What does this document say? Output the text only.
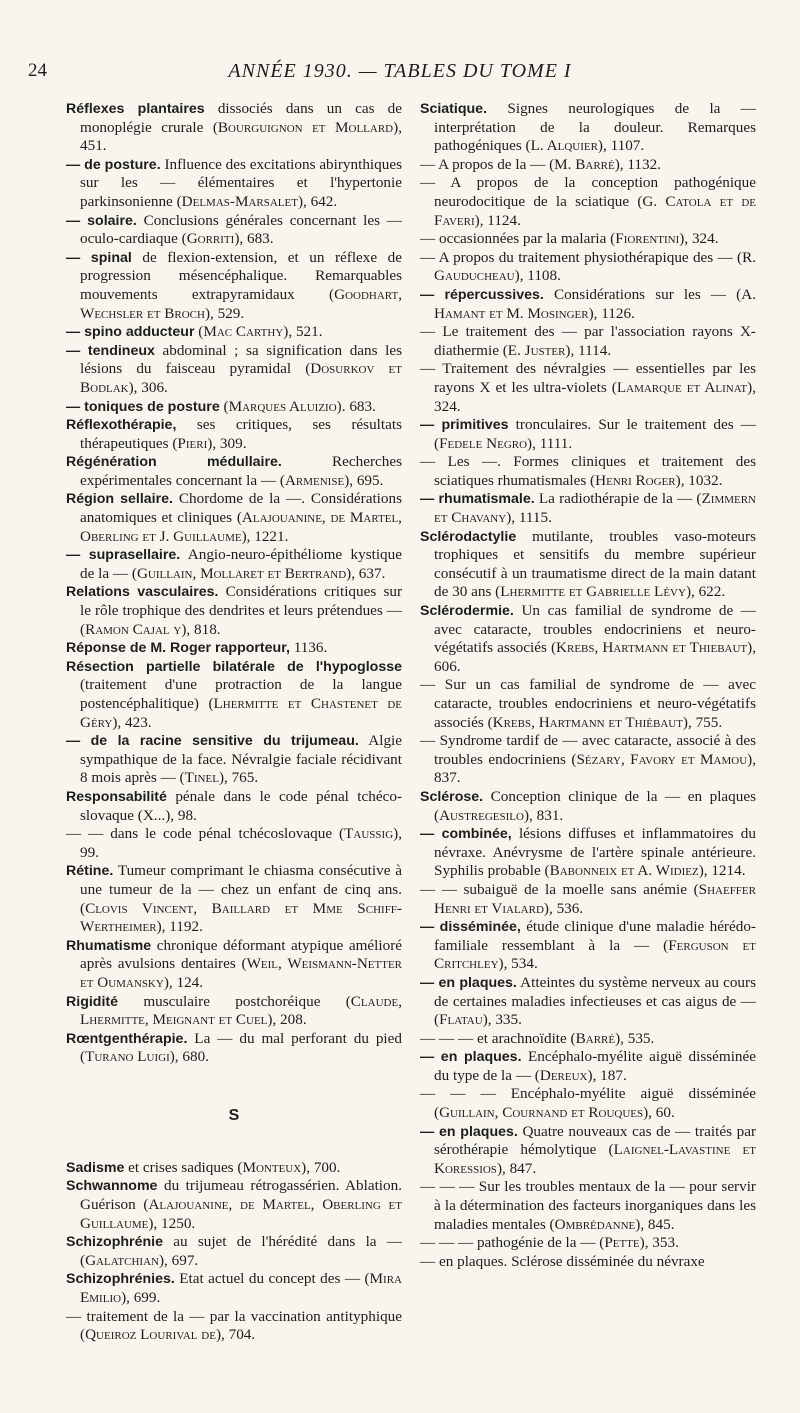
24	ANNÉE 1930. — TABLES DU TOME I

Réflexes plantaires dissociés dans un cas de monoplégie crurale (Bourguignon et Mollard), 451.

— de posture. Influence des excitations abirynthiques sur les — élémentaires et l'hypertonie parkinsonienne (Delmas-Marsalet), 642.

— solaire. Conclusions générales concernant les — oculo-cardiaque (Gorriti), 683.

— spinal de flexion-extension, et un réflexe de progression mésencéphalique. Remarquables mouvements extrapyramidaux (Goodhart, Wechsler et Broch), 529.

— spino adducteur (Mac Carthy), 521.

— tendineux abdominal ; sa signification dans les lésions du faisceau pyramidal (Dosurkov et Bodlak), 306.

— toniques de posture (Marques Aluizio). 683.

Réflexothérapie, ses critiques, ses résultats thérapeutiques (Pieri), 309.

Régénération médullaire. Recherches expérimentales concernant la — (Armenise), 695.

Région sellaire. Chordome de la —. Considérations anatomiques et cliniques (Alajouanine, de Martel, Oberling et J. Guillaume), 1221.

— suprasellaire. Angio-neuro-épithéliome kystique de la — (Guillain, Mollaret et Bertrand), 637.

Relations vasculaires. Considérations critiques sur le rôle trophique des dendrites et leurs prétendues — (Ramon Cajal y), 818.

Réponse de M. Roger rapporteur, 1136.

Résection partielle bilatérale de l'hypoglosse (traitement d'une protraction de la langue postencéphalitique) (Lhermitte et Chastenet de Géry), 423.

— de la racine sensitive du trijumeau. Algie sympathique de la face. Névralgie faciale récidivant 8 mois après — (Tinel), 765.

Responsabilité pénale dans le code pénal tchéco-slovaque (X...), 98.

— — dans le code pénal tchécoslovaque (Taussig), 99.

Rétine. Tumeur comprimant le chiasma consécutive à une tumeur de la — chez un enfant de cinq ans. (Clovis Vincent, Baillard et Mme Schiff-Wertheimer), 1192.

Rhumatisme chronique déformant atypique amélioré après avulsions dentaires (Weil, Weismann-Netter et Oumansky), 124.

Rigidité musculaire postchoréique (Claude, Lhermitte, Meignant et Cuel), 208.

Rœntgenthérapie. La — du mal perforant du pied (Turano Luigi), 680.

S

Sadisme et crises sadiques (Monteux), 700.

Schwannome du trijumeau rétrogassérien. Ablation. Guérison (Alajouanine, de Martel, Oberling et Guillaume), 1250.

Schizophrénie au sujet de l'hérédité dans la — (Galatchian), 697.

Schizophrénies. Etat actuel du concept des — (Mira Emilio), 699.

— traitement de la — par la vaccination antityphique (Queiroz Lourival de), 704.

Sciatique. Signes neurologiques de la — interprétation de la douleur. Remarques pathogéniques (L. Alquier), 1107.

— A propos de la — (M. Barré), 1132.

— A propos de la conception pathogénique neurodocitique de la sciatique (G. Catola et de Faveri), 1124.

— occasionnées par la malaria (Fiorentini), 324.

— A propos du traitement physiothérapique des — (R. Gauducheau), 1108.

— répercussives. Considérations sur les — (A. Hamant et M. Mosinger), 1126.

— Le traitement des — par l'association rayons X-diathermie (E. Juster), 1114.

— Traitement des névralgies — essentielles par les rayons X et les ultra-violets (Lamarque et Alinat), 324.

— primitives tronculaires. Sur le traitement des — (Fedele Negro), 1111.

— Les —. Formes cliniques et traitement des sciatiques rhumatismales (Henri Roger), 1032.

— rhumatismale. La radiothérapie de la — (Zimmern et Chavany), 1115.

Sclérodactylie mutilante, troubles vaso-moteurs trophiques et sensitifs du membre supérieur consécutif à un traumatisme direct de la main datant de 30 ans (Lhermitte et Gabrielle Lévy), 622.

Sclérodermie. Un cas familial de syndrome de — avec cataracte, troubles endocriniens et neuro-végétatifs associés (Krebs, Hartmann et Thiebaut), 606.

— Sur un cas familial de syndrome de — avec cataracte, troubles endocriniens et neuro-végétatifs associés (Krebs, Hartmann et Thiébaut), 755.

— Syndrome tardif de — avec cataracte, associé à des troubles endocriniens (Sézary, Favory et Mamou), 837.

Sclérose. Conception clinique de la — en plaques (Austregesilo), 831.

— combinée, lésions diffuses et inflammatoires du névraxe. Anévrysme de l'artère spinale antérieure. Syphilis probable (Babonneix et A. Widiez), 1214.

— — subaiguë de la moelle sans anémie (Shaeffer Henri et Vialard), 536.

— disséminée, étude clinique d'une maladie hérédo-familiale ressemblant à la — (Ferguson et Critchley), 534.

— en plaques. Atteintes du système nerveux au cours de certaines maladies infectieuses et cas aigus de — (Flatau), 335.

— — — et arachnoïdite (Barré), 535.

— en plaques. Encéphalo-myélite aiguë disséminée du type de la — (Dereux), 187.

— — — Encéphalo-myélite aiguë disséminée (Guillain, Cournand et Rouques), 60.

— en plaques. Quatre nouveaux cas de — traités par sérothérapie hémolytique (Laignel-Lavastine et Koressios), 847.

— — — Sur les troubles mentaux de la — pour servir à la détermination des facteurs inorganiques dans les maladies mentales (Ombrédanne), 845.

— — — pathogénie de la — (Pette), 353.

— en plaques. Sclérose disséminée du névraxe
